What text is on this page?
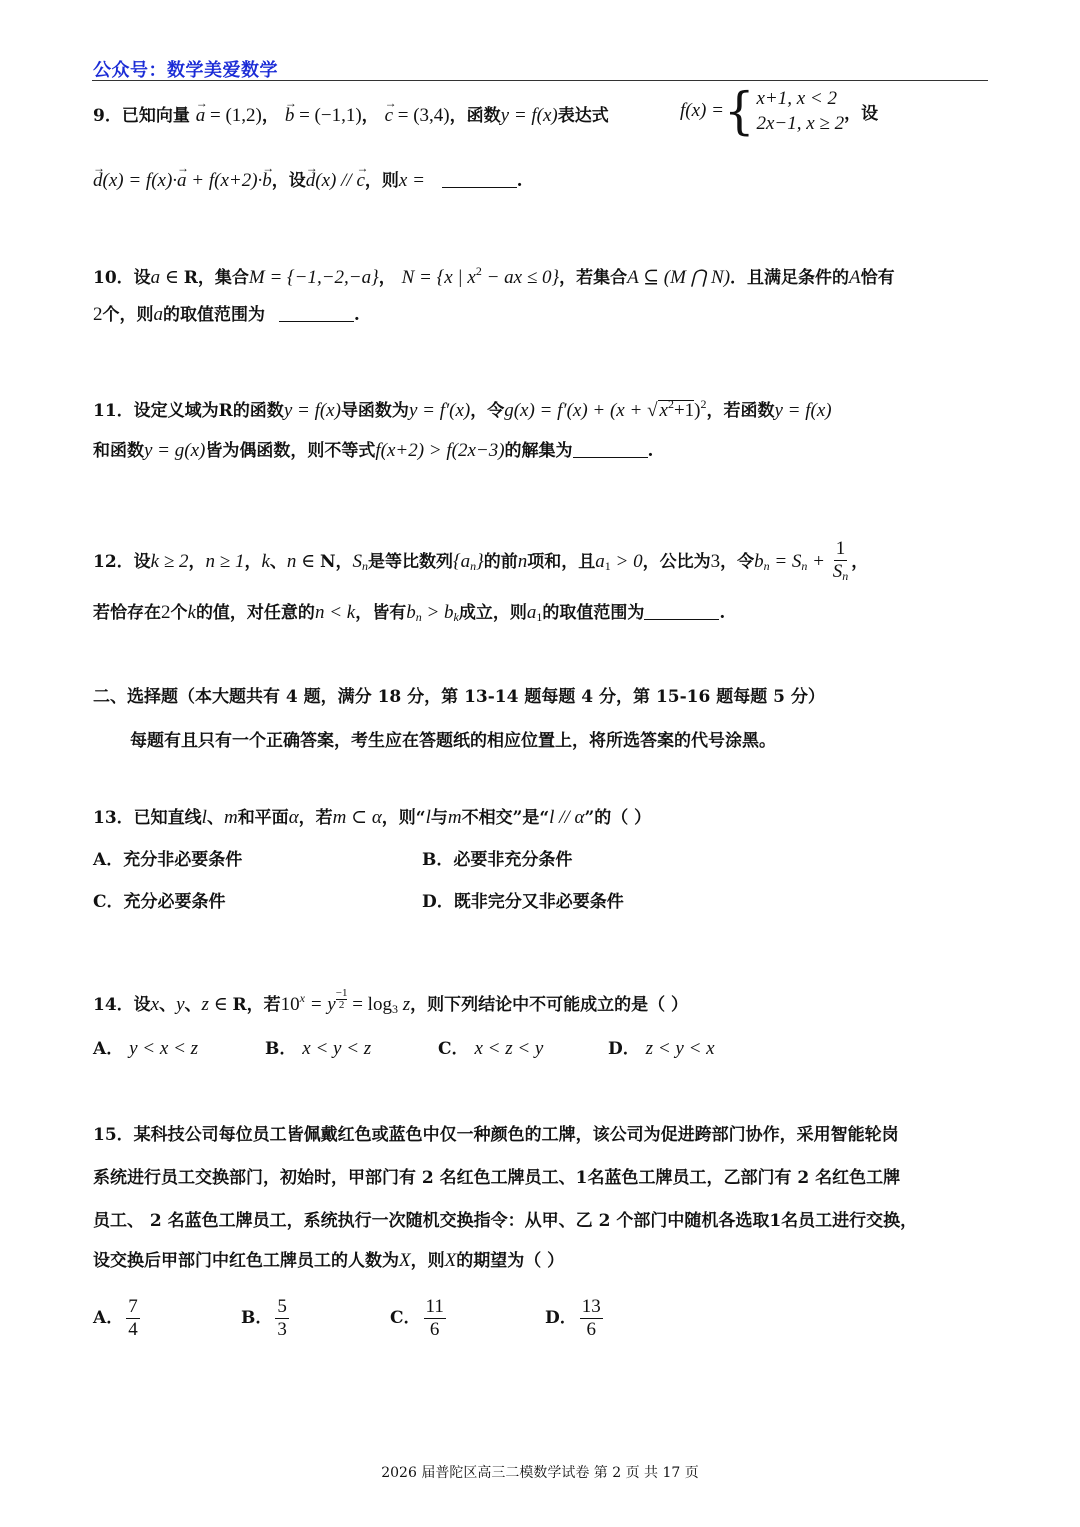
公众号：数学美爱数学
9．已知向量 → a = (1,2)， → b = (−1,1)， → c = (3,4)，函数y = f(x)表达式	f(x) = { x+1, x < 2
2x−1, x ≥ 2 ，设
→ d(x) = f(x)·→ a + f(x+2)·→ b，设→ d(x) // → c，则x =	.
10．设a ∈ R，集合M = {−1,−2,−a}， N = {x | $x^2$ − ax ≤ 0}，若集合A ⊆ (M ⋂ N)．且满足条件的A恰有
2个，则a的取值范围为	.
11．设定义域为R的函数y = f(x)导函数为y = f′(x)，令g(x) = f′(x) + (x + √ $x^2+1)^2$，若函数y = f(x)
和函数y = g(x)皆为偶函数，则不等式f(x+2) > f(2x−3)的解集为	.
12．设k ≥ 2，n ≥ 1，k、n ∈ N，$S_n$是等比数列$\{a_n\}$的前n项和，且$a_1 > 0$，公比为3，令$b_n = S_n + \frac{1}{S_n}$ ，
若恰存在2个k的值，对任意的n < k，皆有$b_n > b_k$成立，则$a_1$的取值范围为	.
二、选择题（本大题共有 4 题，满分 18 分，第 13-14 题每题 4 分，第 15-16 题每题 5 分）
每题有且只有一个正确答案，考生应在答题纸的相应位置上，将所选答案的代号涂黑。
13．已知直线l、m和平面α，若m ⊂ α，则“l与m不相交”是“l // α”的（ ）
A．充分非必要条件	B．必要非充分条件
C．充分必要条件	D．既非完分又非必要条件
14．设x、y、z ∈ R，若$10^x = y \frac{-1}{2} = \log_3 z$，则下列结论中不可能成立的是（ ）
A． y < x < z	B． x < y < z	C． x < z < y	D． z < y < x
15．某科技公司每位员工皆佩戴红色或蓝色中仅一种颜色的工牌，该公司为促进跨部门协作，采用智能轮岗
系统进行员工交换部门，初始时，甲部门有 2 名红色工牌员工、1名蓝色工牌员工，乙部门有 2 名红色工牌
员工、 2 名蓝色工牌员工，系统执行一次随机交换指令：从甲、乙 2 个部门中随机各选取1名员工进行交换，
设交换后甲部门中红色工牌员工的人数为X，则X的期望为（ ）
A． $\frac{7}{4}$	B． $\frac{5}{3}$	C． $\frac{11}{6}$	D． $\frac{13}{6}$
2026 届普陀区高三二模数学试卷 第 2 页 共 17 页
